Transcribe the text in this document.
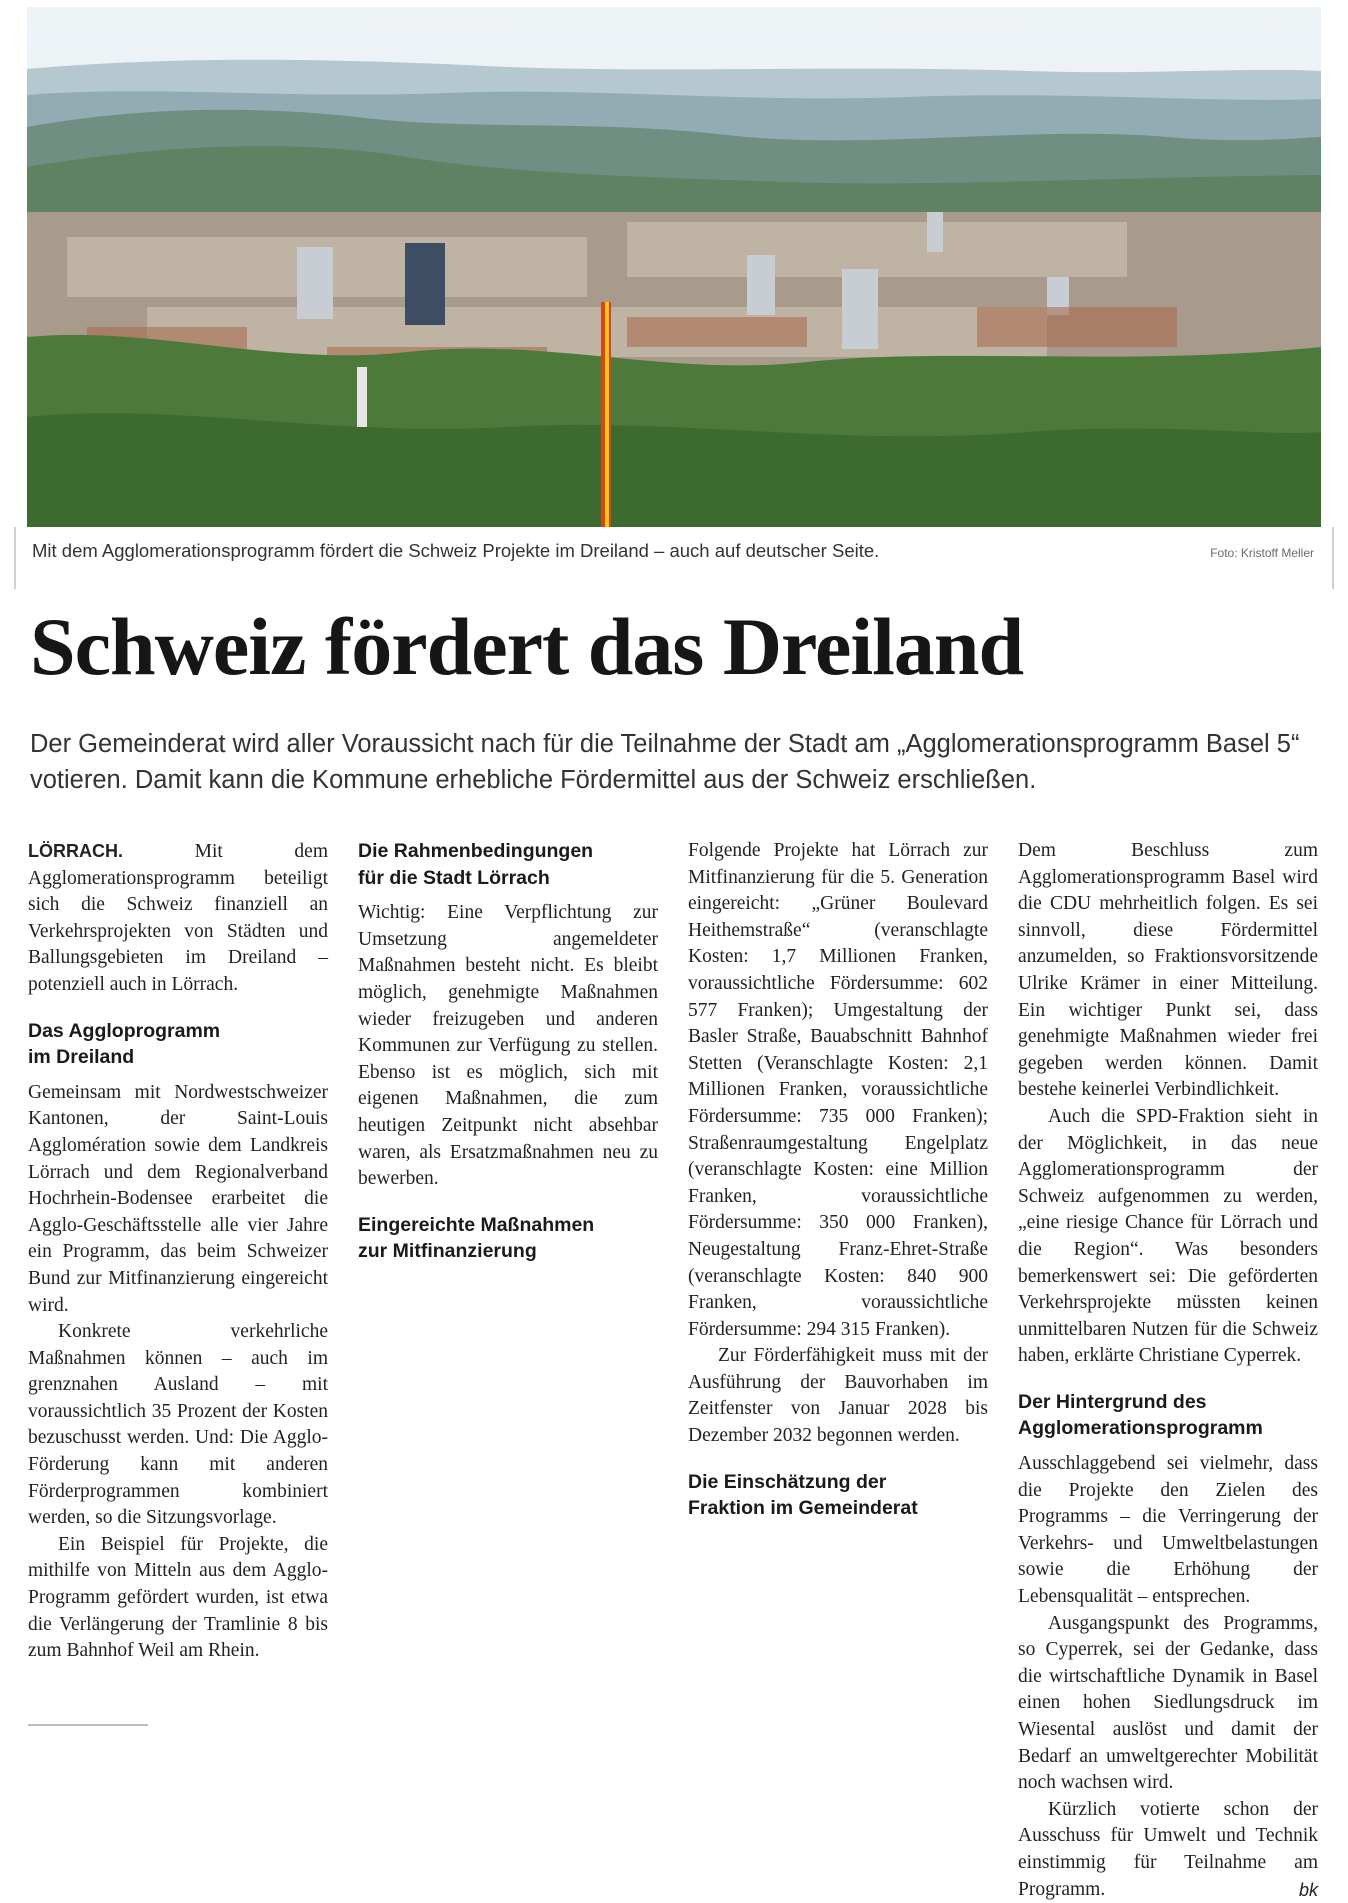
Mit dem Agglomerationsprogramm fördert die Schweiz Projekte im Dreiland – auch auf deutscher Seite.	Foto: Kristoff Meller
Schweiz fördert das Dreiland
Der Gemeinderat wird aller Voraussicht nach für die Teilnahme der Stadt am „Agglomerationsprogramm Basel 5“ votieren. Damit kann die Kommune erhebliche Fördermittel aus der Schweiz erschließen.

LÖRRACH. Mit dem Agglomerationsprogramm beteiligt sich die Schweiz finanziell an Verkehrsprojekten von Städten und Ballungsgebieten im Dreiland – potenziell auch in Lörrach.

Das Aggloprogramm
im Dreiland

Gemeinsam mit Nordwestschweizer Kantonen, der Saint-Louis Agglomération sowie dem Landkreis Lörrach und dem Regionalverband Hochrhein-Bodensee erarbeitet die Agglo-Geschäftsstelle alle vier Jahre ein Programm, das beim Schweizer Bund zur Mitfinanzierung eingereicht wird.

Konkrete verkehrliche Maßnahmen können – auch im grenznahen Ausland – mit voraussichtlich 35 Prozent der Kosten bezuschusst werden. Und: Die Agglo-Förderung kann mit anderen Förderprogrammen kombiniert werden, so die Sitzungsvorlage.

Ein Beispiel für Projekte, die mithilfe von Mitteln aus dem Agglo-Programm gefördert wurden, ist etwa die Verlängerung der Tramlinie 8 bis zum Bahnhof Weil am Rhein.

Die Rahmenbedingungen
für die Stadt Lörrach

Wichtig: Eine Verpflichtung zur Umsetzung angemeldeter Maßnahmen besteht nicht. Es bleibt möglich, genehmigte Maßnahmen wieder freizugeben und anderen Kommunen zur Verfügung zu stellen. Ebenso ist es möglich, sich mit eigenen Maßnahmen, die zum heutigen Zeitpunkt nicht absehbar waren, als Ersatzmaßnahmen neu zu bewerben.

Eingereichte Maßnahmen
zur Mitfinanzierung

Folgende Projekte hat Lörrach zur Mitfinanzierung für die 5. Generation eingereicht: „Grüner Boulevard Heithemstraße“ (veranschlagte Kosten: 1,7 Millionen Franken, voraussichtliche Fördersumme: 602 577 Franken); Umgestaltung der Basler Straße, Bauabschnitt Bahnhof Stetten (Veranschlagte Kosten: 2,1 Millionen Franken, voraussichtliche Fördersumme: 735 000 Franken); Straßenraumgestaltung Engelplatz (veranschlagte Kosten: eine Million Franken, voraussichtliche Fördersumme: 350 000 Franken), Neugestaltung Franz-Ehret-Straße (veranschlagte Kosten: 840 900 Franken, voraussichtliche Fördersumme: 294 315 Franken).

Zur Förderfähigkeit muss mit der Ausführung der Bauvorhaben im Zeitfenster von Januar 2028 bis Dezember 2032 begonnen werden.

Die Einschätzung der
Fraktion im Gemeinderat

Dem Beschluss zum Agglomerationsprogramm Basel wird die CDU mehrheitlich folgen. Es sei sinnvoll, diese Fördermittel anzumelden, so Fraktionsvorsitzende Ulrike Krämer in einer Mitteilung. Ein wichtiger Punkt sei, dass genehmigte Maßnahmen wieder frei gegeben werden können. Damit bestehe keinerlei Verbindlichkeit.

Auch die SPD-Fraktion sieht in der Möglichkeit, in das neue Agglomerationsprogramm der Schweiz aufgenommen zu werden, „eine riesige Chance für Lörrach und die Region“. Was besonders bemerkenswert sei: Die geförderten Verkehrsprojekte müssten keinen unmittelbaren Nutzen für die Schweiz haben, erklärte Christiane Cyperrek.

Der Hintergrund des
Agglomerationsprogramm

Ausschlaggebend sei vielmehr, dass die Projekte den Zielen des Programms – die Verringerung der Verkehrs- und Umweltbelastungen sowie die Erhöhung der Lebensqualität – entsprechen.

Ausgangspunkt des Programms, so Cyperrek, sei der Gedanke, dass die wirtschaftliche Dynamik in Basel einen hohen Siedlungsdruck im Wiesental auslöst und damit der Bedarf an umweltgerechter Mobilität noch wachsen wird.

Kürzlich votierte schon der Ausschuss für Umwelt und Technik einstimmig für Teilnahme am Programm.	bk
